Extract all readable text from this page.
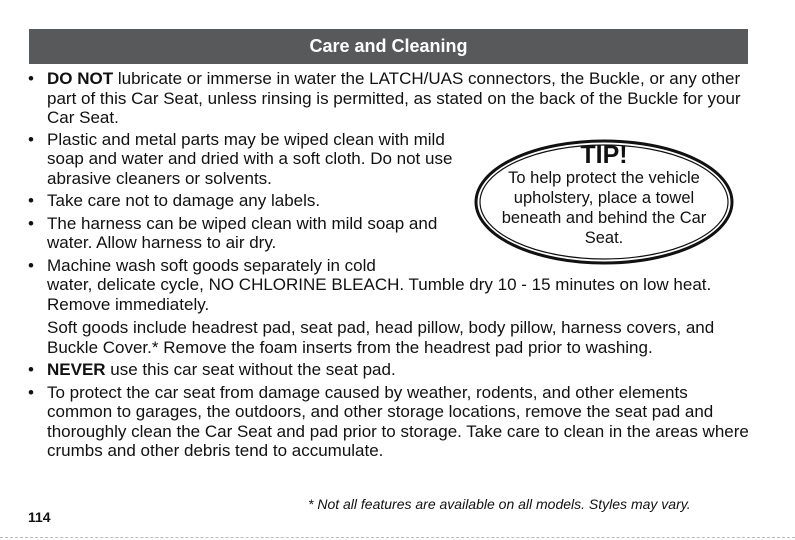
Care and Cleaning

• DO NOT lubricate or immerse in water the LATCH/UAS connectors, the Buckle, or any other part of this Car Seat, unless rinsing is permitted, as stated on the back of the Buckle for your Car Seat.

• Plastic and metal parts may be wiped clean with mild soap and water and dried with a soft cloth. Do not use abrasive cleaners or solvents.

• Take care not to damage any labels.

• The harness can be wiped clean with mild soap and water. Allow harness to air dry.

• Machine wash soft goods separately in cold
water, delicate cycle, NO CHLORINE BLEACH. Tumble dry 10 - 15 minutes on low heat. Remove immediately.

Soft goods include headrest pad, seat pad, head pillow, body pillow, harness covers, and Buckle Cover.* Remove the foam inserts from the headrest pad prior to washing.

• NEVER use this car seat without the seat pad.

• To protect the car seat from damage caused by weather, rodents, and other elements common to garages, the outdoors, and other storage locations, remove the seat pad and thoroughly clean the Car Seat and pad prior to storage. Take care to clean in the areas where crumbs and other debris tend to accumulate.

TIP!
To help protect the vehicle upholstery, place a towel beneath and behind the Car Seat.
* Not all features are available on all models. Styles may vary.
114
